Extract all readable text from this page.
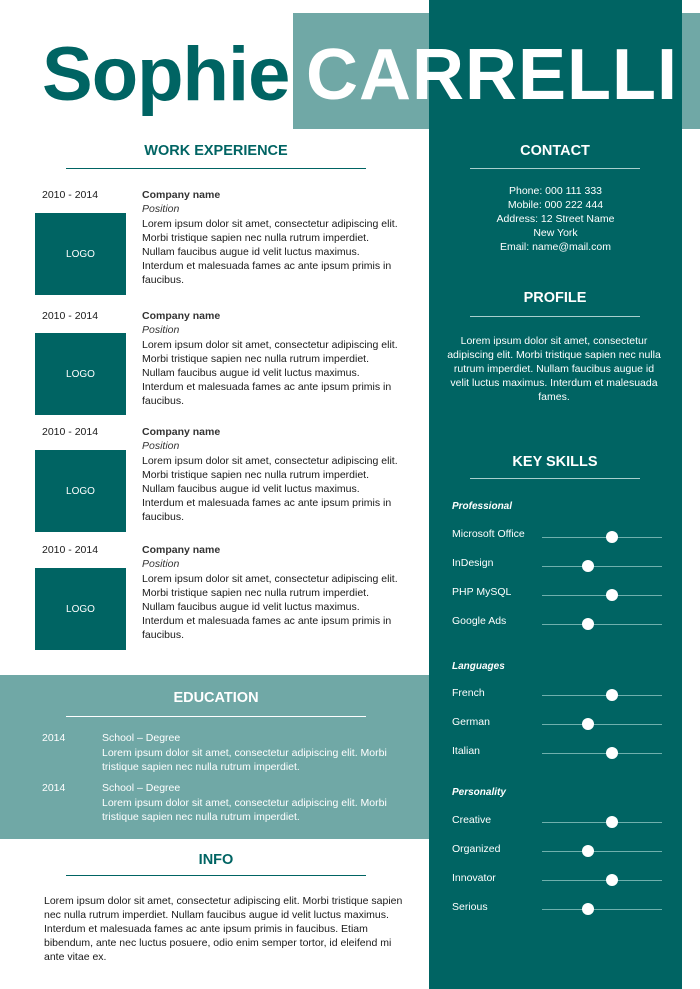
Sophie CARRELLI
WORK EXPERIENCE
2010 - 2014
LOGO
Company name
Position
Lorem ipsum dolor sit amet, consectetur adipiscing elit. Morbi tristique sapien nec nulla rutrum imperdiet. Nullam faucibus augue id velit luctus maximus. Interdum et malesuada fames ac ante ipsum primis in faucibus.
2010 - 2014
LOGO
Company name
Position
Lorem ipsum dolor sit amet, consectetur adipiscing elit. Morbi tristique sapien nec nulla rutrum imperdiet. Nullam faucibus augue id velit luctus maximus. Interdum et malesuada fames ac ante ipsum primis in faucibus.
2010 - 2014
LOGO
Company name
Position
Lorem ipsum dolor sit amet, consectetur adipiscing elit. Morbi tristique sapien nec nulla rutrum imperdiet. Nullam faucibus augue id velit luctus maximus. Interdum et malesuada fames ac ante ipsum primis in faucibus.
2010 - 2014
LOGO
Company name
Position
Lorem ipsum dolor sit amet, consectetur adipiscing elit. Morbi tristique sapien nec nulla rutrum imperdiet. Nullam faucibus augue id velit luctus maximus. Interdum et malesuada fames ac ante ipsum primis in faucibus.
EDUCATION
2014	School – Degree
Lorem ipsum dolor sit amet, consectetur adipiscing elit. Morbi tristique sapien nec nulla rutrum imperdiet.
2014	School – Degree
Lorem ipsum dolor sit amet, consectetur adipiscing elit. Morbi tristique sapien nec nulla rutrum imperdiet.
INFO
Lorem ipsum dolor sit amet, consectetur adipiscing elit. Morbi tristique sapien nec nulla rutrum imperdiet. Nullam faucibus augue id velit luctus maximus. Interdum et malesuada fames ac ante ipsum primis in faucibus. Etiam bibendum, ante nec luctus posuere, odio enim semper tortor, id eleifend mi ante vitae ex.
CONTACT
Phone: 000 111 333
Mobile: 000 222 444
Address: 12 Street Name
New York
Email: name@mail.com
PROFILE
Lorem ipsum dolor sit amet, consectetur adipiscing elit. Morbi tristique sapien nec nulla rutrum imperdiet. Nullam faucibus augue id velit luctus maximus. Interdum et malesuada fames.
KEY SKILLS
Professional
Microsoft Office
InDesign
PHP MySQL
Google Ads
Languages
French
German
Italian
Personality
Creative
Organized
Innovator
Serious
